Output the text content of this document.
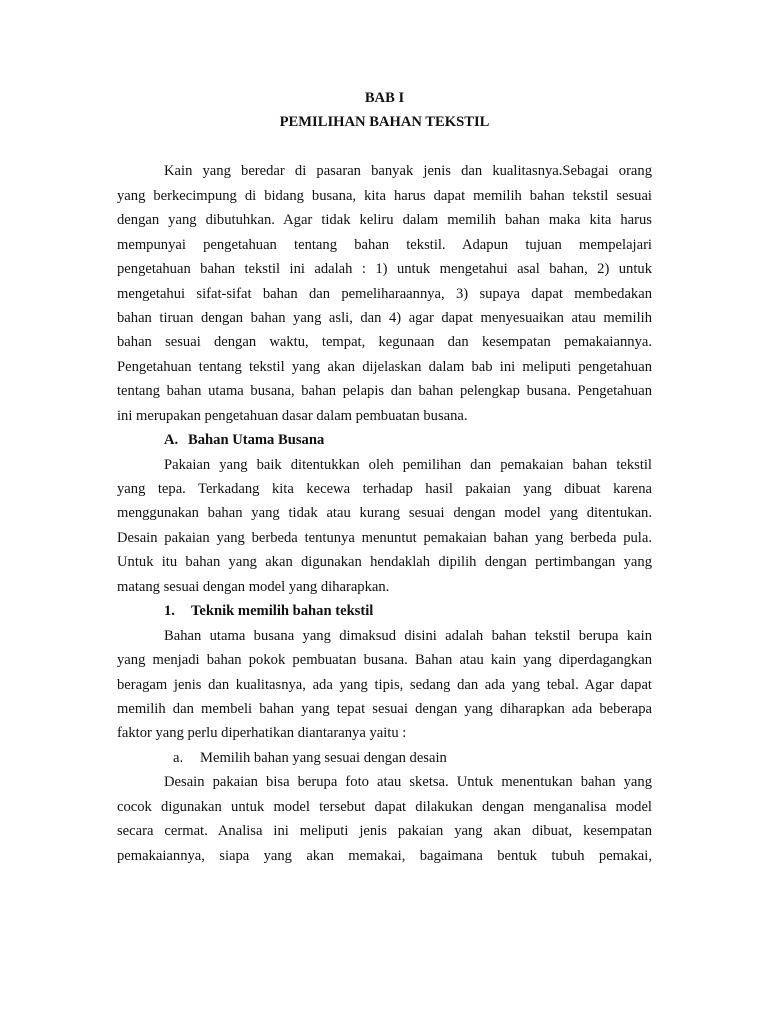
BAB I
PEMILIHAN BAHAN TEKSTIL
Kain yang beredar di pasaran banyak jenis dan kualitasnya.Sebagai orang
yang berkecimpung di bidang busana, kita harus dapat memilih bahan tekstil sesuai
dengan yang dibutuhkan. Agar tidak keliru dalam memilih bahan maka kita harus
mempunyai pengetahuan tentang bahan tekstil. Adapun tujuan mempelajari
pengetahuan bahan tekstil ini adalah : 1) untuk mengetahui asal bahan, 2) untuk
mengetahui sifat-sifat bahan dan pemeliharaannya, 3) supaya dapat membedakan
bahan tiruan dengan bahan yang asli, dan 4) agar dapat menyesuaikan atau memilih
bahan sesuai dengan waktu, tempat, kegunaan dan kesempatan pemakaiannya.
Pengetahuan tentang tekstil yang akan dijelaskan dalam bab ini meliputi pengetahuan
tentang bahan utama busana, bahan pelapis dan bahan pelengkap busana. Pengetahuan
ini merupakan pengetahuan dasar dalam pembuatan busana.
A. Bahan Utama Busana
Pakaian yang baik ditentukkan oleh pemilihan dan pemakaian bahan tekstil
yang tepa. Terkadang kita kecewa terhadap hasil pakaian yang dibuat karena
menggunakan bahan yang tidak atau kurang sesuai dengan model yang ditentukan.
Desain pakaian yang berbeda tentunya menuntut pemakaian bahan yang berbeda pula.
Untuk itu bahan yang akan digunakan hendaklah dipilih dengan pertimbangan yang
matang sesuai dengan model yang diharapkan.
1. Teknik memilih bahan tekstil
Bahan utama busana yang dimaksud disini adalah bahan tekstil berupa kain
yang menjadi bahan pokok pembuatan busana. Bahan atau kain yang diperdagangkan
beragam jenis dan kualitasnya, ada yang tipis, sedang dan ada yang tebal. Agar dapat
memilih dan membeli bahan yang tepat sesuai dengan yang diharapkan ada beberapa
faktor yang perlu diperhatikan diantaranya yaitu :
a. Memilih bahan yang sesuai dengan desain
Desain pakaian bisa berupa foto atau sketsa. Untuk menentukan bahan yang
cocok digunakan untuk model tersebut dapat dilakukan dengan menganalisa model
secara cermat. Analisa ini meliputi jenis pakaian yang akan dibuat, kesempatan
pemakaiannya, siapa yang akan memakai, bagaimana bentuk tubuh pemakai,
